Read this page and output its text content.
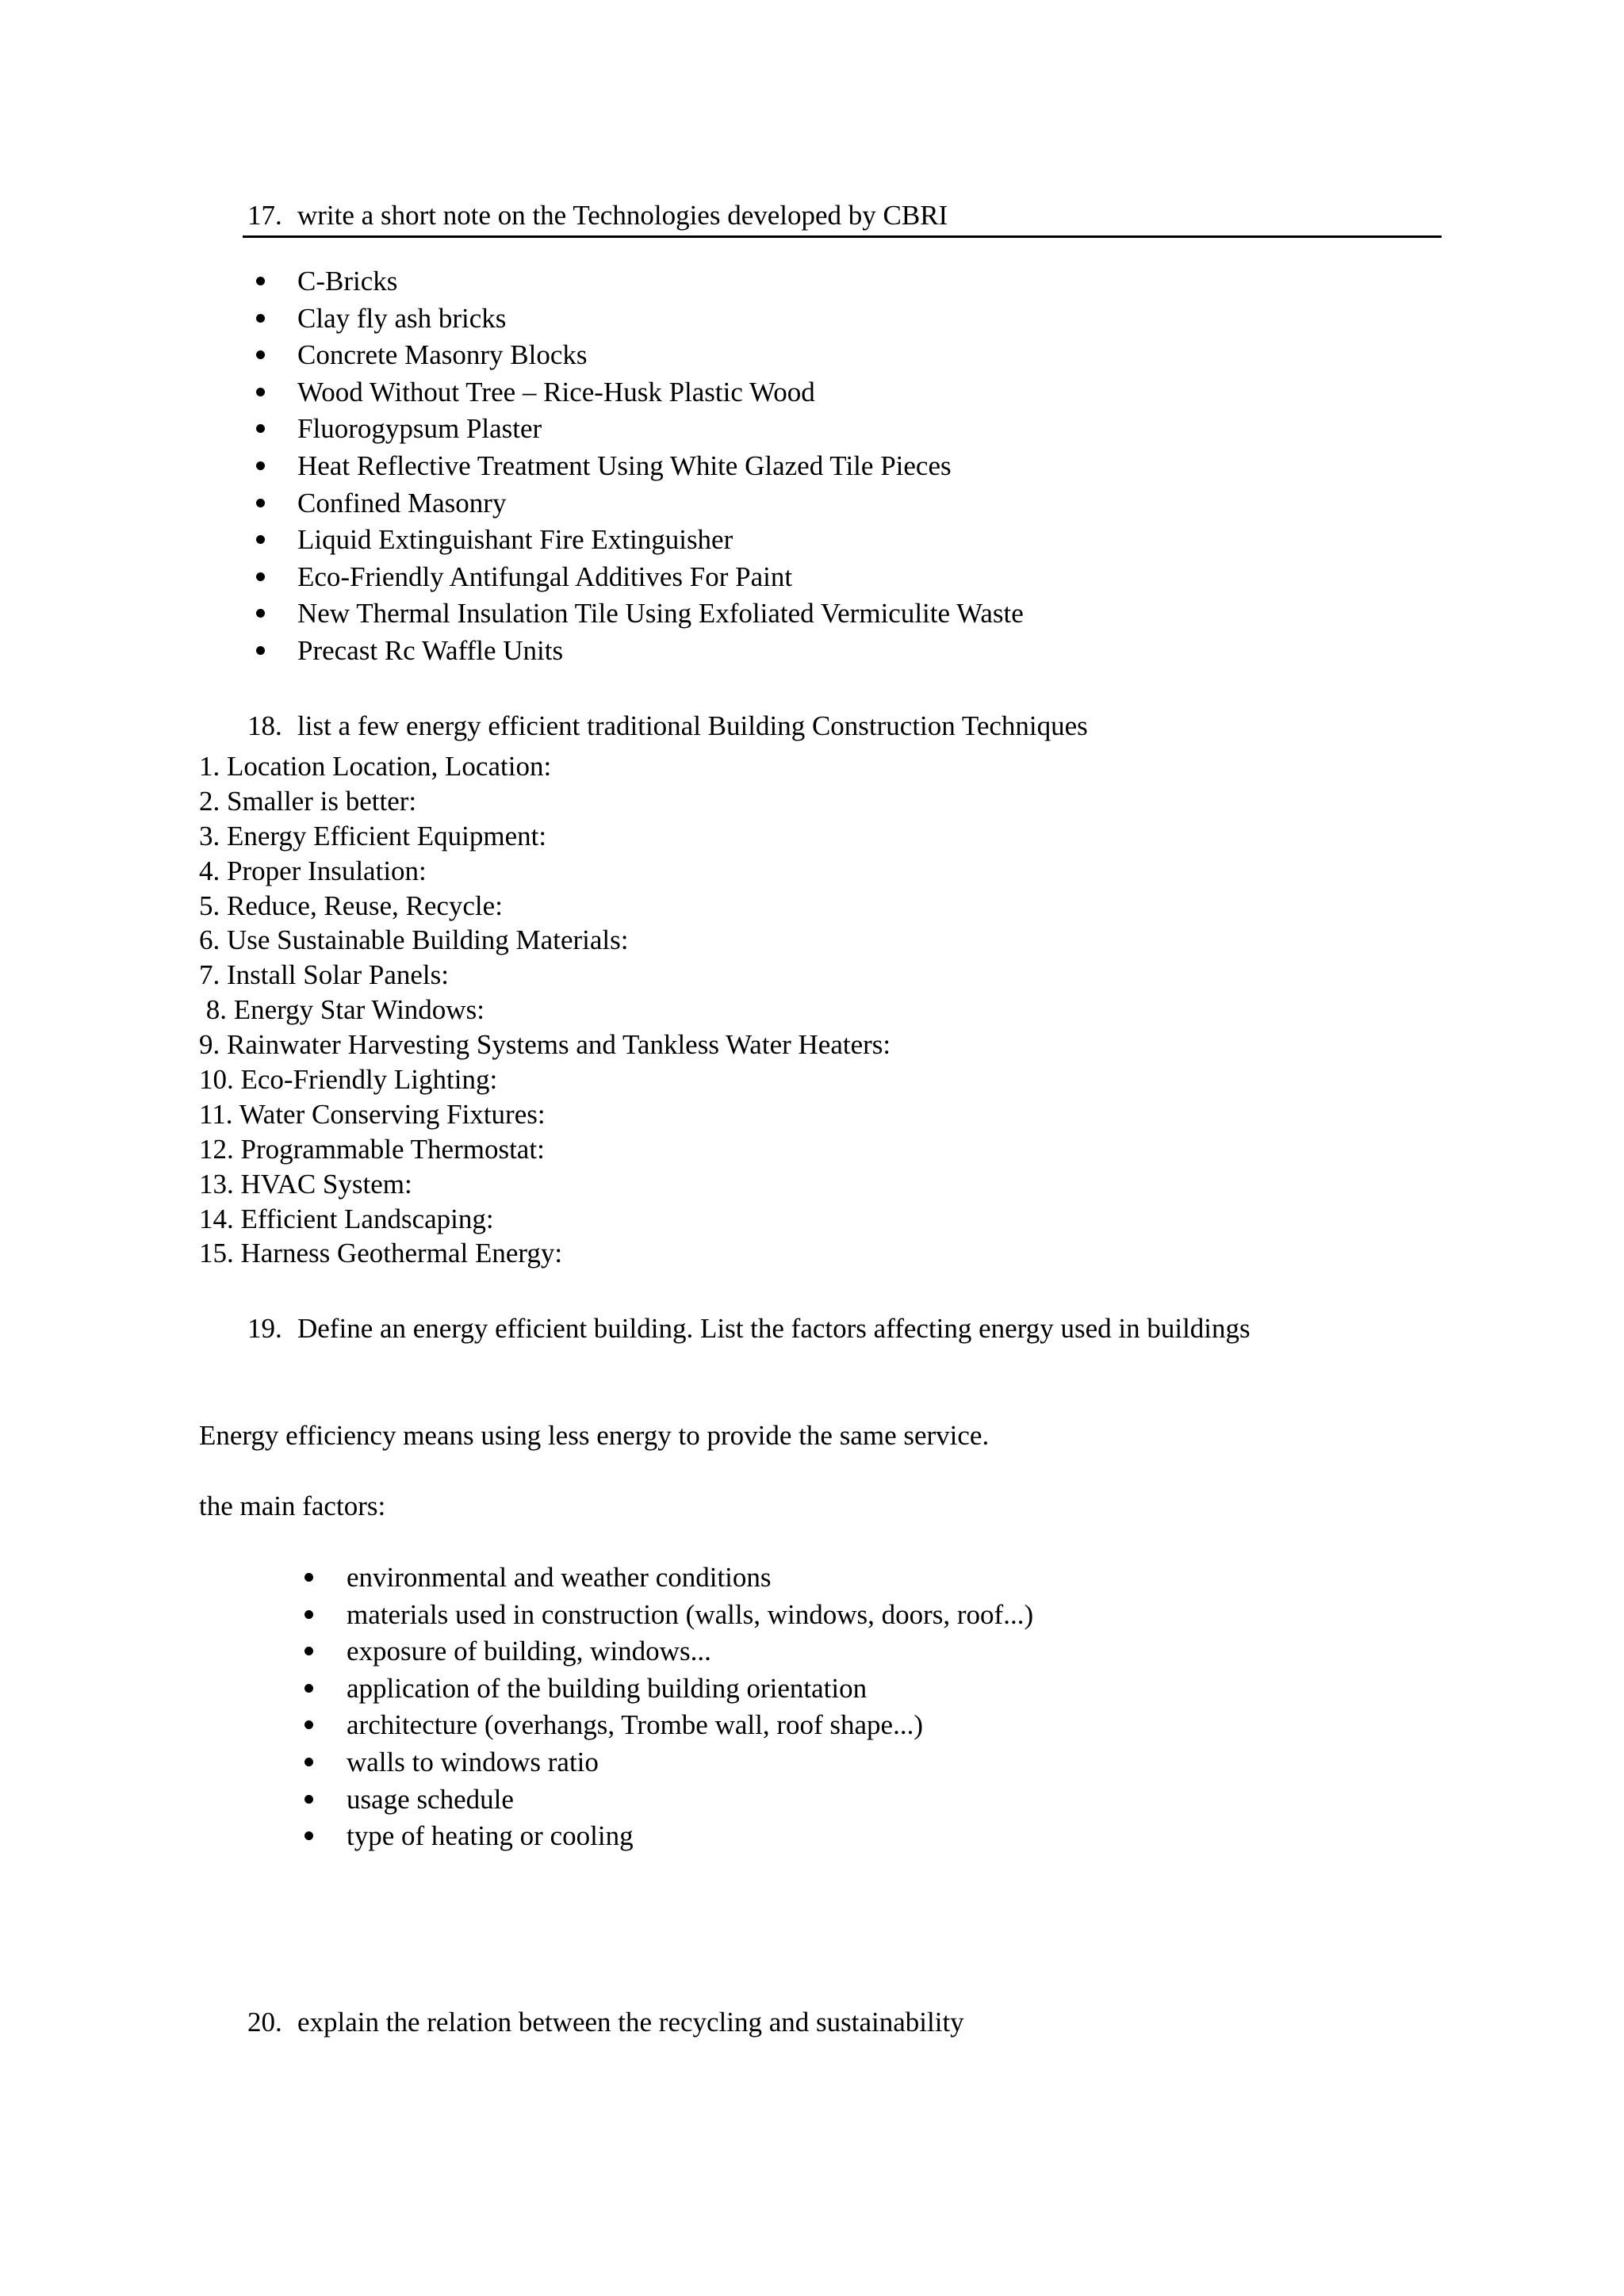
17. write a short note on the Technologies developed by CBRI
C-Bricks
Clay fly ash bricks
Concrete Masonry Blocks
Wood Without Tree – Rice-Husk Plastic Wood
Fluorogypsum Plaster
Heat Reflective Treatment Using White Glazed Tile Pieces
Confined Masonry
Liquid Extinguishant Fire Extinguisher
Eco-Friendly Antifungal Additives For Paint
New Thermal Insulation Tile Using Exfoliated Vermiculite Waste
Precast Rc Waffle Units
18. list a few energy efficient traditional Building Construction Techniques
1. Location Location, Location:
2. Smaller is better:
3. Energy Efficient Equipment:
4. Proper Insulation:
5. Reduce, Reuse, Recycle:
6. Use Sustainable Building Materials:
7. Install Solar Panels:
8. Energy Star Windows:
9. Rainwater Harvesting Systems and Tankless Water Heaters:
10. Eco-Friendly Lighting:
11. Water Conserving Fixtures:
12. Programmable Thermostat:
13. HVAC System:
14. Efficient Landscaping:
15. Harness Geothermal Energy:
19. Define an energy efficient building. List the factors affecting energy used in buildings
Energy efficiency means using less energy to provide the same service.
the main factors:
environmental and weather conditions
materials used in construction (walls, windows, doors, roof...)
exposure of building, windows...
application of the building building orientation
architecture (overhangs, Trombe wall, roof shape...)
walls to windows ratio
usage schedule
type of heating or cooling
20. explain the relation between the recycling and sustainability
